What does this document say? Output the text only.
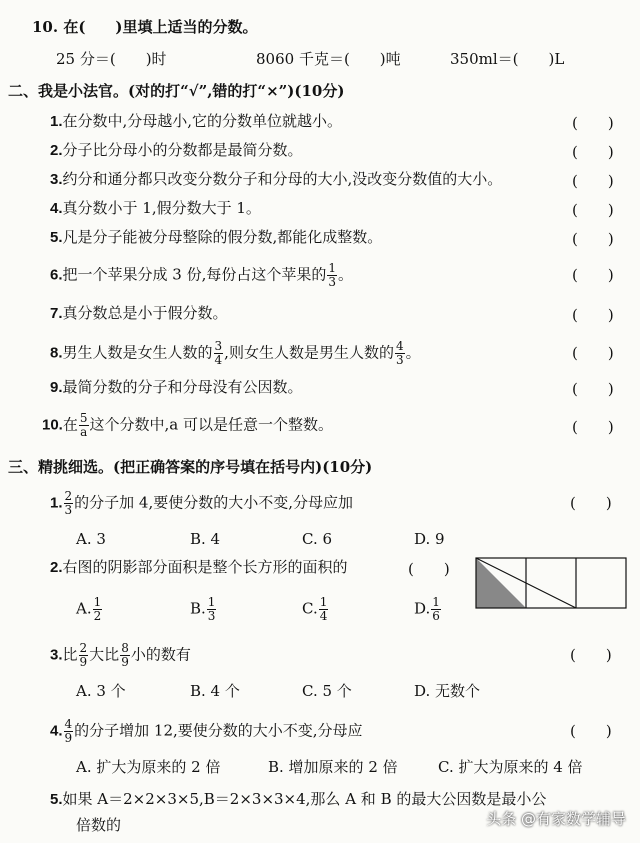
10. 在(　　)里填上适当的分数。
25 分＝(　　)时	8060 千克＝(　　)吨	350ml＝(　　)L
二、我是小法官。(对的打“√”,错的打“×”)(10分)
1.在分数中,分母越小,它的分数单位就越小。	(　　)
2.分子比分母小的分数都是最简分数。	(　　)
3.约分和通分都只改变分数分子和分母的大小,没改变分数值的大小。	(　　)
4.真分数小于 1,假分数大于 1。	(　　)
5.凡是分子能被分母整除的假分数,都能化成整数。	(　　)
6.把一个苹果分成 3 份,每份占这个苹果的 $\frac{1}{3}$ 。	(　　)
7.真分数总是小于假分数。	(　　)
8.男生人数是女生人数的 $\frac{3}{4}$ ,则女生人数是男生人数的 $\frac{4}{3}$ 。	(　　)
9.最简分数的分子和分母没有公因数。	(　　)
10.在 $\frac{5}{a}$ 这个分数中,a 可以是任意一个整数。	(　　)
三、精挑细选。(把正确答案的序号填在括号内)(10分)
1. $\frac{2}{3}$ 的分子加 4,要使分数的大小不变,分母应加	(　　)
A. 3	B. 4	C. 6	D. 9
2.右图的阴影部分面积是整个长方形的面积的	(　　)
A. $\frac{1}{2}$	B. $\frac{1}{3}$	C. $\frac{1}{4}$	D. $\frac{1}{6}$
3.比 $\frac{2}{9}$ 大比 $\frac{8}{9}$ 小的数有	(　　)
A. 3 个	B. 4 个	C. 5 个	D. 无数个
4. $\frac{4}{9}$ 的分子增加 12,要使分数的大小不变,分母应	(　　)
A. 扩大为原来的 2 倍	B. 增加原来的 2 倍	C. 扩大为原来的 4 倍
5.如果 A＝2×2×3×5,B＝2×3×3×4,那么 A 和 B 的最大公因数是最小公
倍数的	头条 @有家数学辅导
